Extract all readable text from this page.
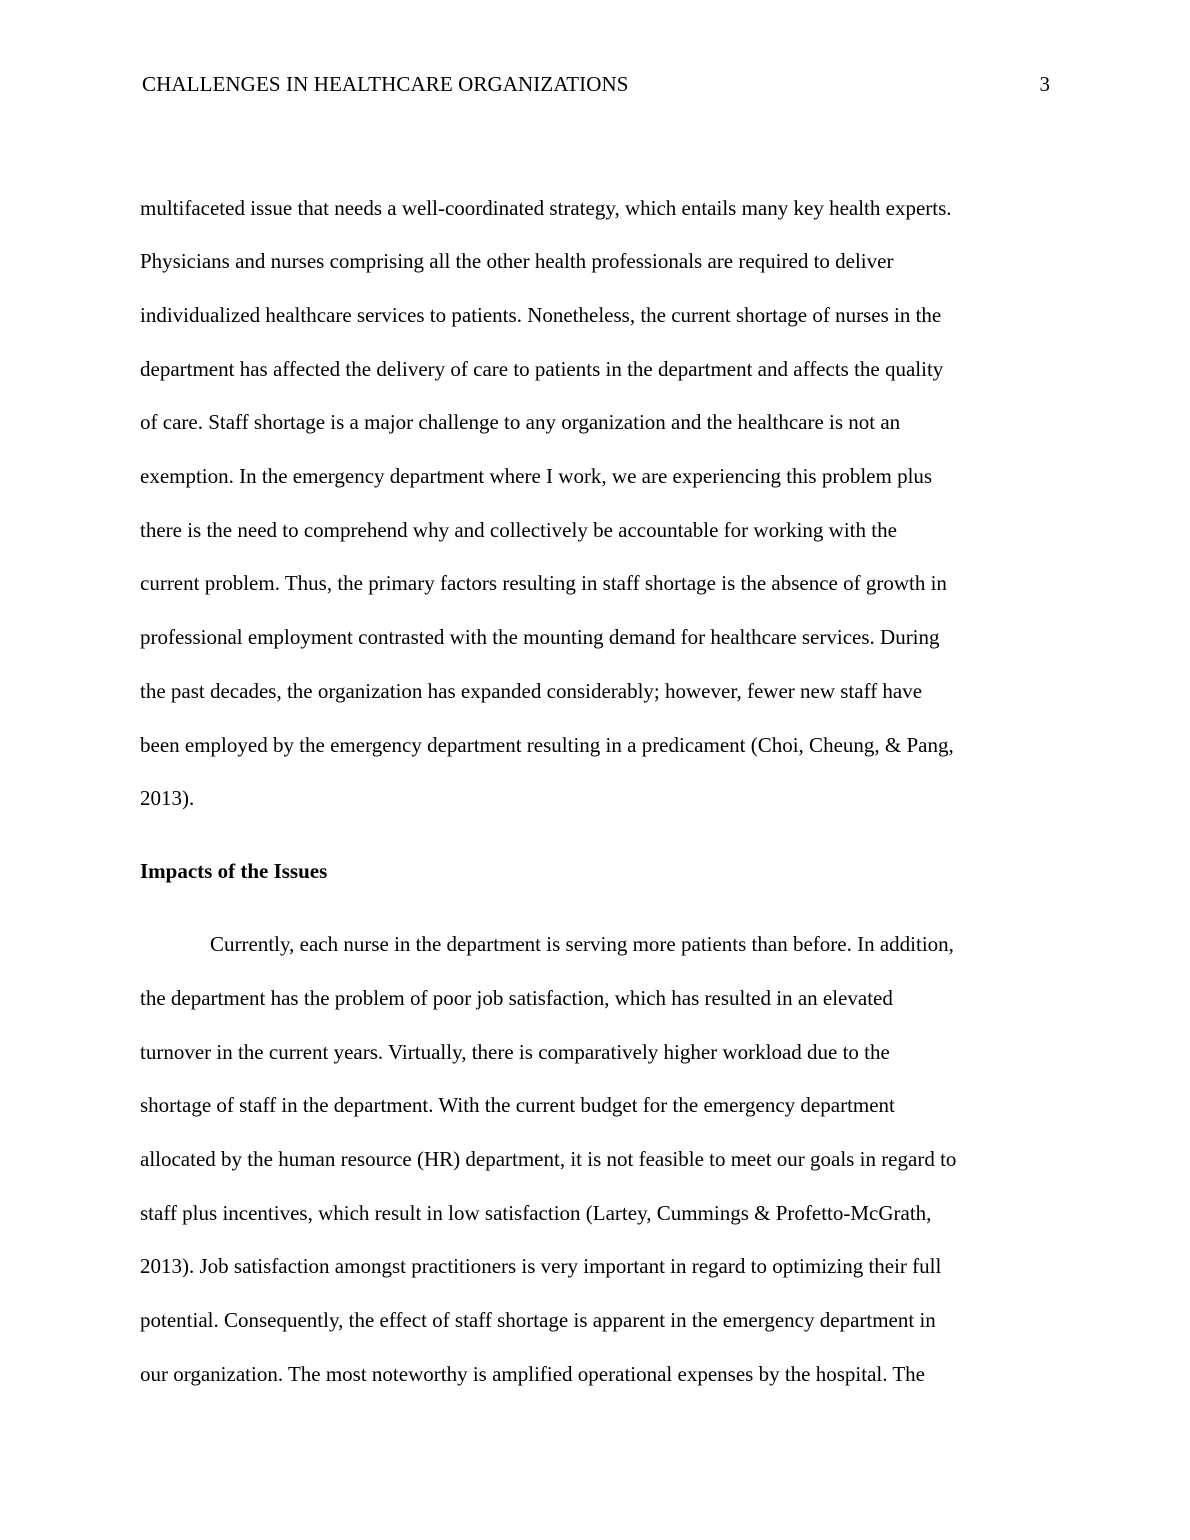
CHALLENGES IN HEALTHCARE ORGANIZATIONS	3
multifaceted issue that needs a well-coordinated strategy, which entails many key health experts.
Physicians and nurses comprising all the other health professionals are required to deliver
individualized healthcare services to patients. Nonetheless, the current shortage of nurses in the
department has affected the delivery of care to patients in the department and affects the quality
of care. Staff shortage is a major challenge to any organization and the healthcare is not an
exemption. In the emergency department where I work, we are experiencing this problem plus
there is the need to comprehend why and collectively be accountable for working with the
current problem. Thus, the primary factors resulting in staff shortage is the absence of growth in
professional employment contrasted with the mounting demand for healthcare services. During
the past decades, the organization has expanded considerably; however, fewer new staff have
been employed by the emergency department resulting in a predicament (Choi, Cheung, & Pang,
2013).
Impacts of the Issues
Currently, each nurse in the department is serving more patients than before. In addition,
the department has the problem of poor job satisfaction, which has resulted in an elevated
turnover in the current years. Virtually, there is comparatively higher workload due to the
shortage of staff in the department. With the current budget for the emergency department
allocated by the human resource (HR) department, it is not feasible to meet our goals in regard to
staff plus incentives, which result in low satisfaction (Lartey, Cummings & Profetto-McGrath,
2013). Job satisfaction amongst practitioners is very important in regard to optimizing their full
potential. Consequently, the effect of staff shortage is apparent in the emergency department in
our organization. The most noteworthy is amplified operational expenses by the hospital. The
